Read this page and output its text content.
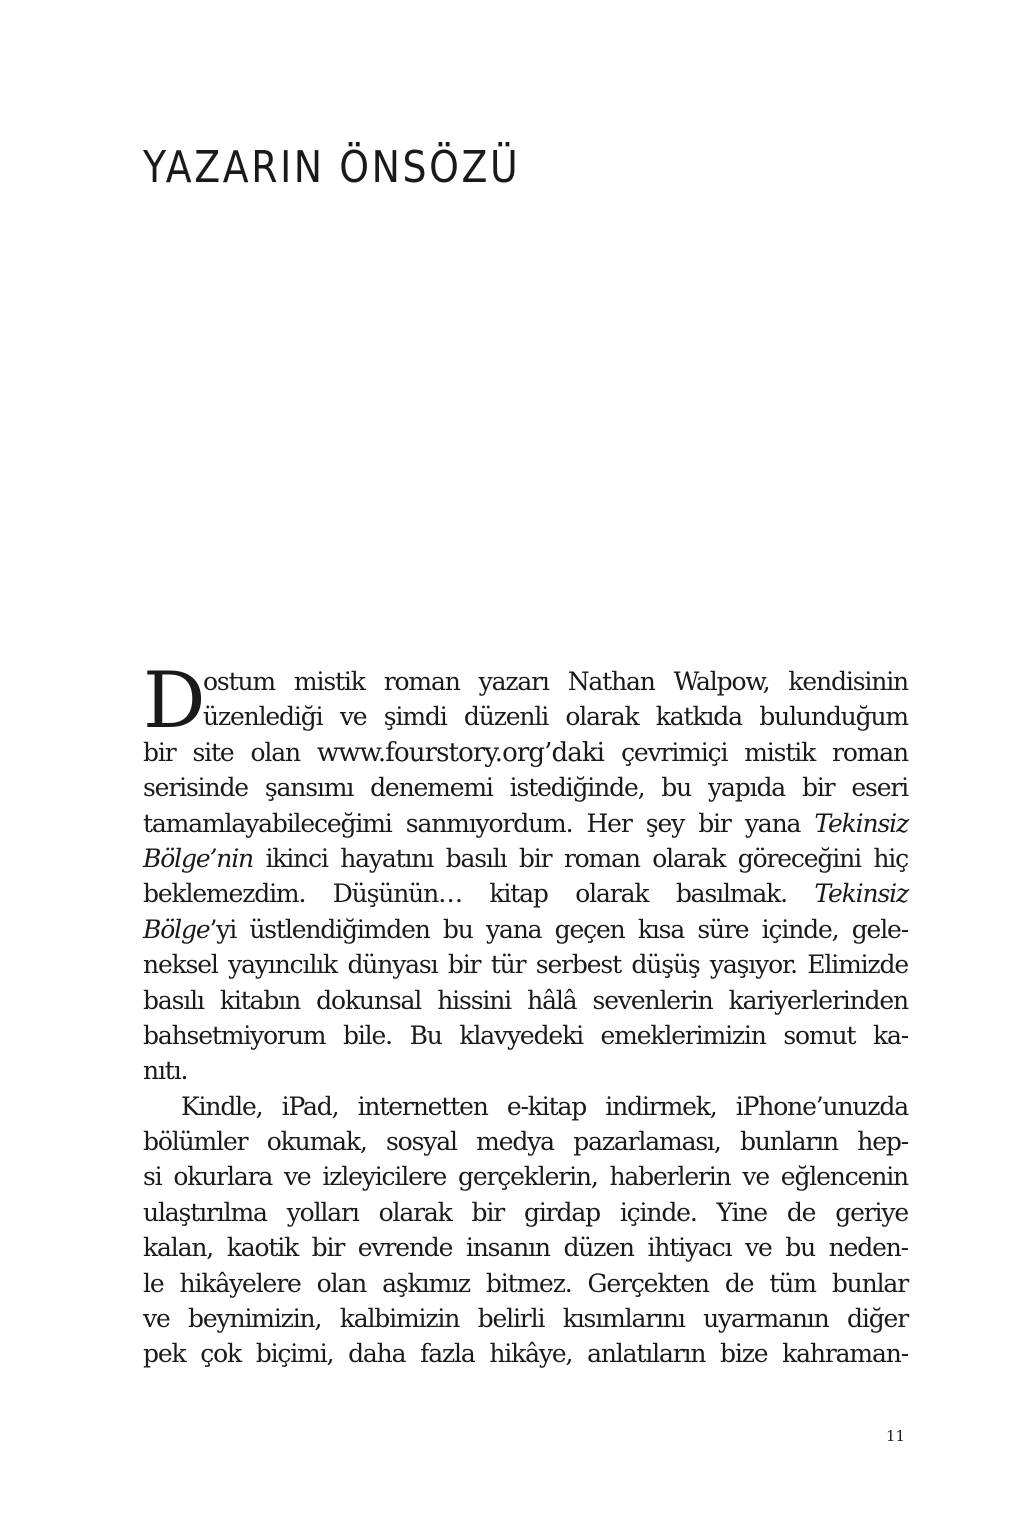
YAZARIN ÖNSÖZÜ
D
ostum mistik roman yazarı Nathan Walpow, kendisinin
üzenlediği ve şimdi düzenli olarak katkıda bulunduğum
bir site olan www.fourstory.org’daki çevrimiçi mistik roman
serisinde şansımı denememi istediğinde, bu yapıda bir eseri
tamamlayabileceğimi sanmıyordum. Her şey bir yana Tekinsiz
Bölge’nin ikinci hayatını basılı bir roman olarak göreceğini hiç
beklemezdim. Düşünün… kitap olarak basılmak. Tekinsiz
Bölge’yi üstlendiğimden bu yana geçen kısa süre içinde, gele-
neksel yayıncılık dünyası bir tür serbest düşüş yaşıyor. Elimizde
basılı kitabın dokunsal hissini hâlâ sevenlerin kariyerlerinden
bahsetmiyorum bile. Bu klavyedeki emeklerimizin somut ka-
nıtı.
Kindle, iPad, internetten e-kitap indirmek, iPhone’unuzda
bölümler okumak, sosyal medya pazarlaması, bunların hep-
si okurlara ve izleyicilere gerçeklerin, haberlerin ve eğlencenin
ulaştırılma yolları olarak bir girdap içinde. Yine de geriye
kalan, kaotik bir evrende insanın düzen ihtiyacı ve bu neden-
le hikâyelere olan aşkımız bitmez. Gerçekten de tüm bunlar
ve beynimizin, kalbimizin belirli kısımlarını uyarmanın diğer
pek çok biçimi, daha fazla hikâye, anlatıların bize kahraman-
11
